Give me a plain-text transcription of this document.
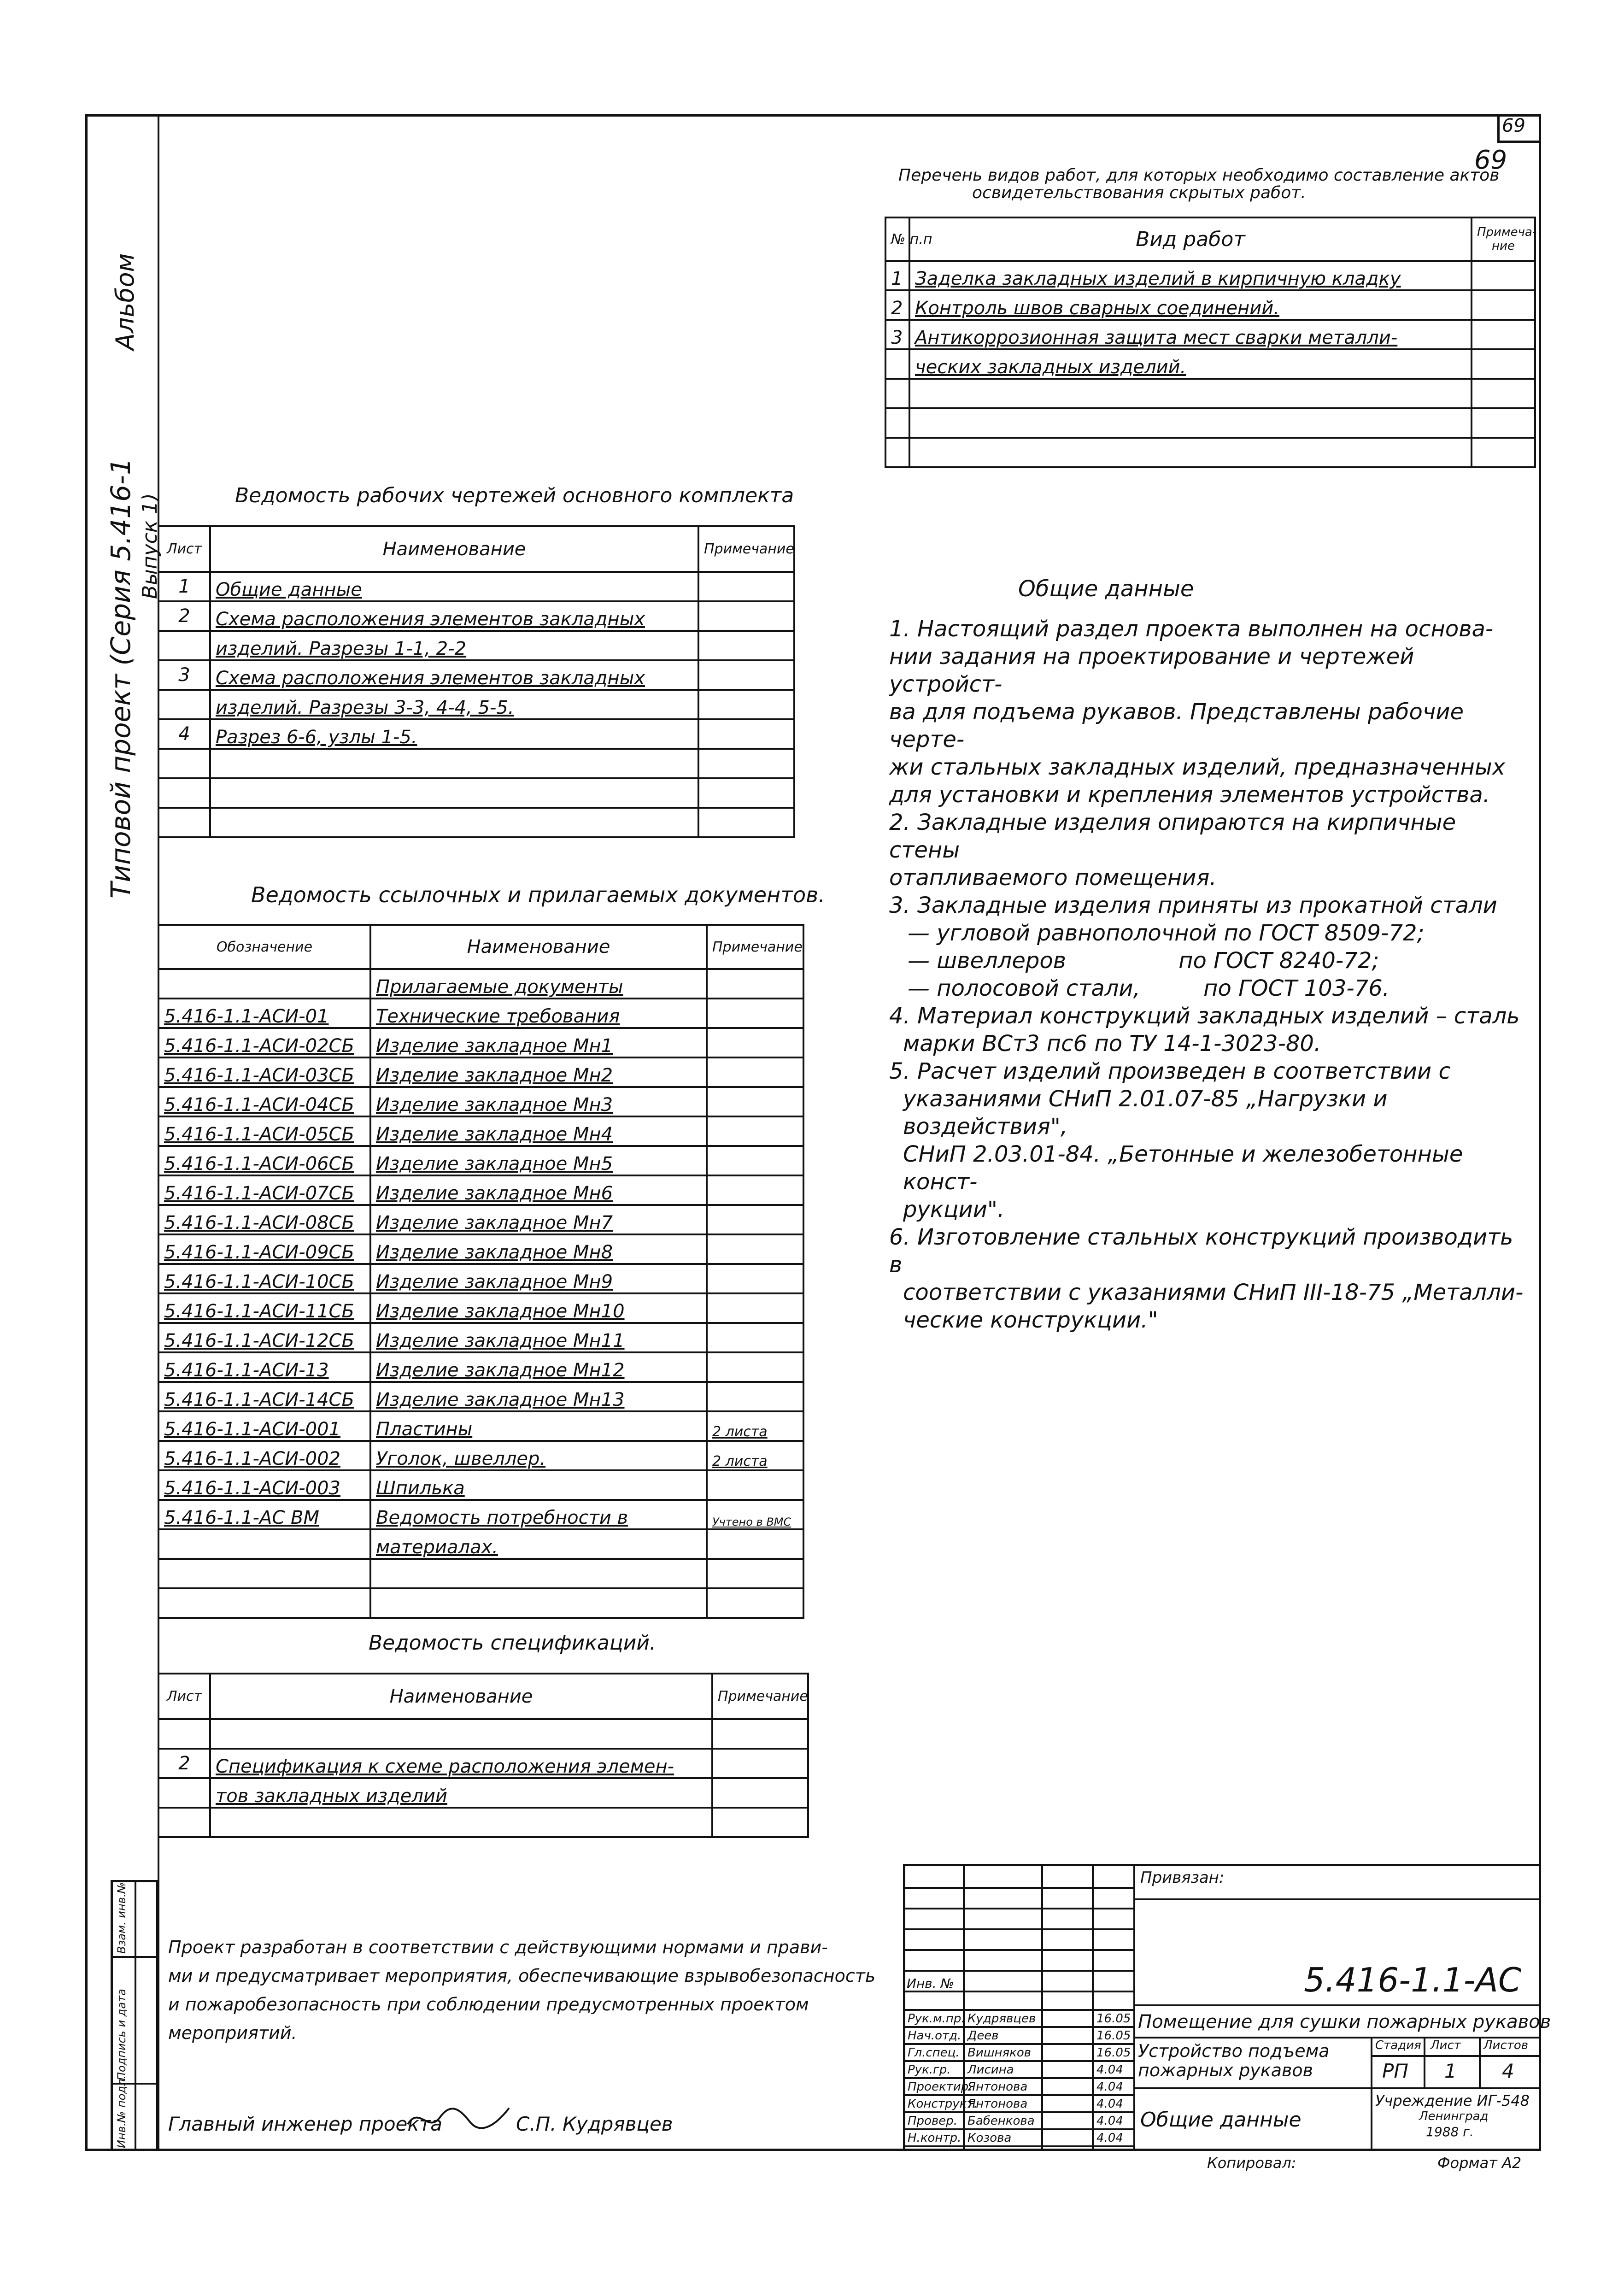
69
69
Альбом
Типовой проект (Серия 5.416-1 Выпуск 1)
Взам. инв.№
Подпись и дата
Инв.№ подл.
Перечень видов работ, для которых необходимо составление актов
освидетельствования скрытых работ.
№ п.п	Вид работ	Примеча-ние
1	Заделка закладных изделий в кирпичную кладку	
2	Контроль швов сварных соединений.	
3	Антикоррозионная защита мест сварки металли-	
	ческих закладных изделий.	

Ведомость рабочих чертежей основного комплекта
Лист	Наименование	Примечание
1	Общие данные	
2	Схема расположения элементов закладных	
	изделий. Разрезы 1-1, 2-2	
3	Схема расположения элементов закладных	
	изделий. Разрезы 3-3, 4-4, 5-5.	
4	Разрез 6-6, узлы 1-5.	

Ведомость ссылочных и прилагаемых документов.
Обозначение	Наименование	Примечание
	Прилагаемые документы	
5.416-1.1-АСИ-01	Технические требования	
5.416-1.1-АСИ-02СБ	Изделие закладное Мн1	
5.416-1.1-АСИ-03СБ	Изделие закладное Мн2	
5.416-1.1-АСИ-04СБ	Изделие закладное Мн3	
5.416-1.1-АСИ-05СБ	Изделие закладное Мн4	
5.416-1.1-АСИ-06СБ	Изделие закладное Мн5	
5.416-1.1-АСИ-07СБ	Изделие закладное Мн6	
5.416-1.1-АСИ-08СБ	Изделие закладное Мн7	
5.416-1.1-АСИ-09СБ	Изделие закладное Мн8	
5.416-1.1-АСИ-10СБ	Изделие закладное Мн9	
5.416-1.1-АСИ-11СБ	Изделие закладное Мн10	
5.416-1.1-АСИ-12СБ	Изделие закладное Мн11	
5.416-1.1-АСИ-13	Изделие закладное Мн12	
5.416-1.1-АСИ-14СБ	Изделие закладное Мн13	
5.416-1.1-АСИ-001	Пластины	2 листа
5.416-1.1-АСИ-002	Уголок, швеллер.	2 листа
5.416-1.1-АСИ-003	Шпилька	
5.416-1.1-АС ВМ	Ведомость потребности в	Учтено в ВМС
	материалах.	

Ведомость спецификаций.
Лист	Наименование	Примечание

2	Спецификация к схеме расположения элемен-	
	тов закладных изделий	

Общие данные
1. Настоящий раздел проекта выполнен на основа-
нии задания на проектирование и чертежей устройст-
ва для подъема рукавов. Представлены рабочие черте-
жи стальных закладных изделий, предназначенных
для установки и крепления элементов устройства.
2. Закладные изделия опираются на кирпичные стены
отапливаемого помещения.
3. Закладные изделия приняты из прокатной стали
— угловой равнополочной по ГОСТ 8509-72;
— швеллеров                по ГОСТ 8240-72;
— полосовой стали,         по ГОСТ 103-76.
4. Материал конструкций закладных изделий – сталь
марки ВСт3 пс6 по ТУ 14-1-3023-80.
5. Расчет изделий произведен в соответствии с
указаниями СНиП 2.01.07-85 „Нагрузки и воздействия",
СНиП 2.03.01-84. „Бетонные и железобетонные конст-
рукции".
6. Изготовление стальных конструкций производить в
соответствии с указаниями СНиП III-18-75 „Металли-
ческие конструкции."
Проект разработан в соответствии с действующими нормами и прави-
ми и предусматривает мероприятия, обеспечивающие взрывобезопасность
и пожаробезопасность при соблюдении предусмотренных проектом
мероприятий.
Главный инженер проекта	С.П. Кудрявцев
Инв. №
Рук.м.пр.	Кудрявцев		16.05
Нач.отд.	Деев		16.05
Гл.спец.	Вишняков		16.05
Рук.гр.	Лисина		4.04
Проектир.	Янтонова		4.04
Конструкт.	Янтонова		4.04
Провер.	Бабенкова		4.04
Н.контр.	Козова		4.04
Привязан:
5.416-1.1-АС
Помещение для сушки пожарных рукавов
Устройство подъема пожарных рукавов
Общие данные
Стадия Лист Листов
РП 1 4
Учреждение ИГ-548
Ленинград
1988 г.
Копировал:	Формат А2
